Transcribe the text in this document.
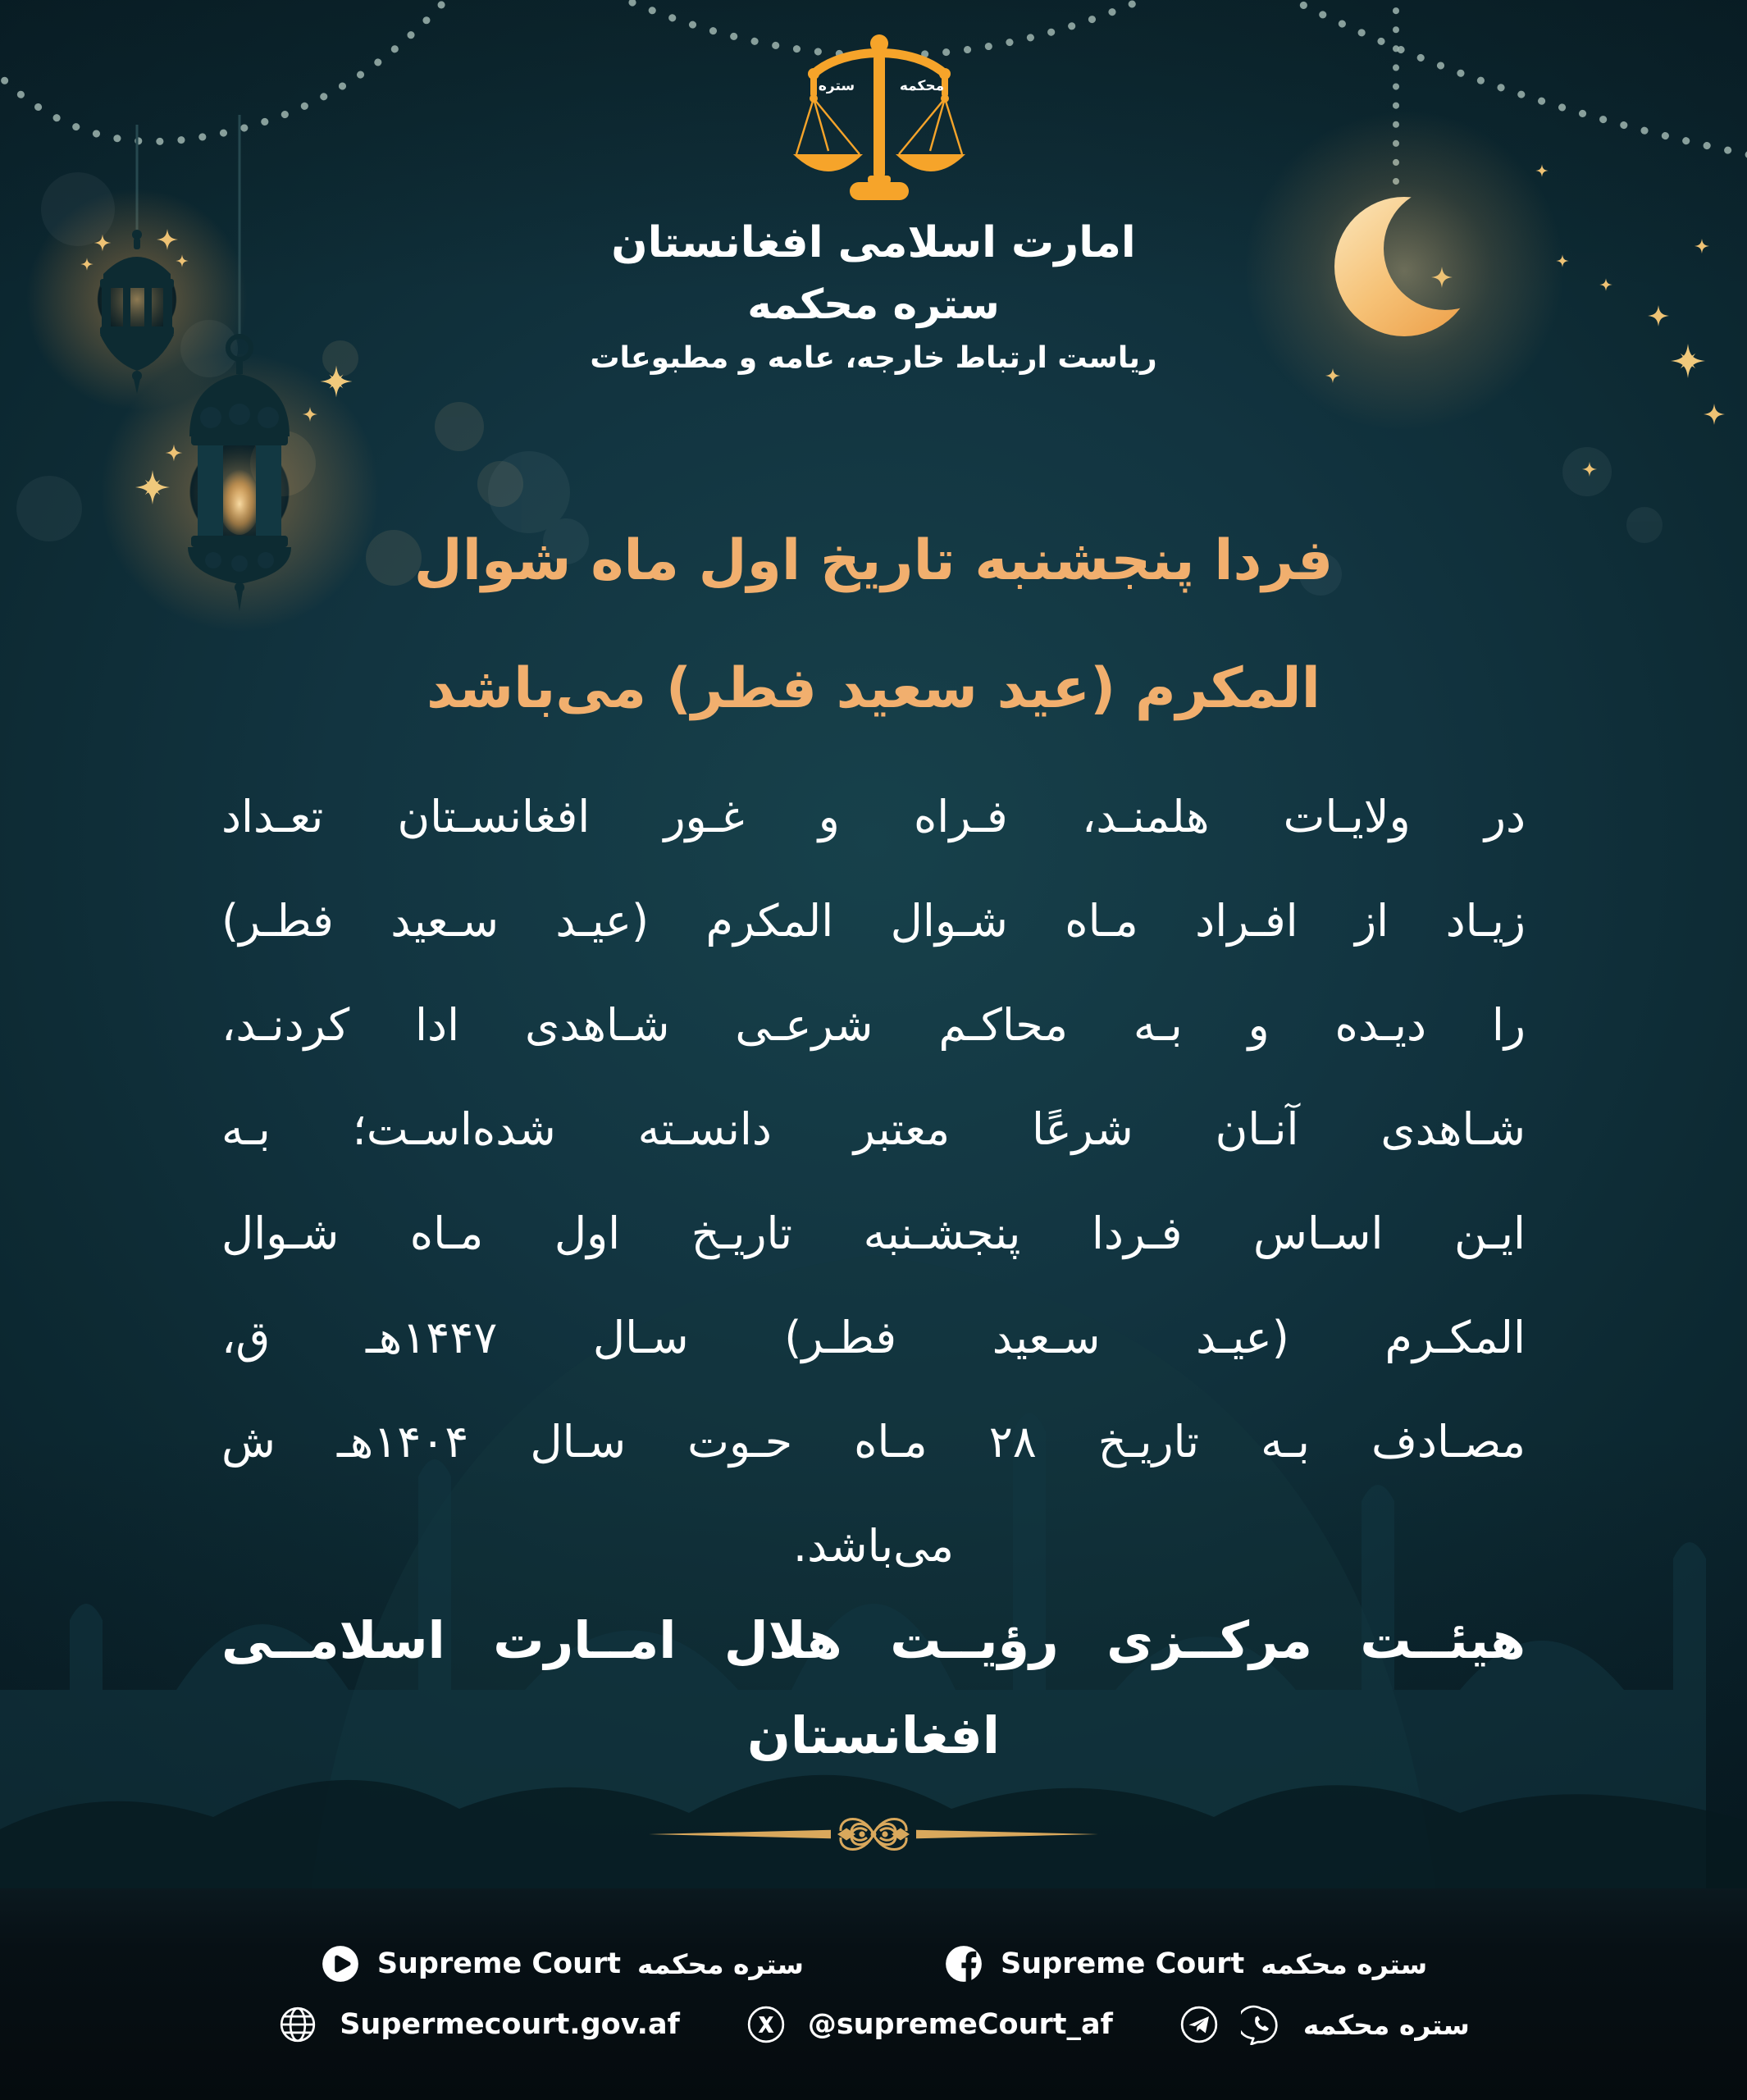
ستره	محکمه
امارت اسلامی افغانستان
ستره محکمه
ریاست ارتباط خارجه، عامه و مطبوعات
فردا پنجشنبه تاریخ اول ماه شوال
المکرم (عید سعید فطر) می‌باشد
در ولایـات هلمنـد، فـراه و غـور افغانسـتان تعـداد
زیـاد از افـراد مـاه شـوال المکرم (عیـد سـعید فطـر)
را دیـده و بـه محاکـم شرعـی شـاهدی ادا کردنـد،
شـاهدی آنـان شرعًا معتبر دانسـته شده‌اسـت؛ بـه
ایـن اسـاس فـردا پنجشـنبه تاریـخ اول مـاه شـوال
المکـرم (عیـد سـعید فطـر) سـال ۱۴۴۷هـ ق،
مصـادف بـه تاریـخ ۲۸ مـاه حـوت سـال ۱۴۰۴هـ ش
می‌باشد.
هیئــت مرکــزی رؤیــت هلال امــارت اسلامــی
افغانستان
Supreme Court ستره محکمه	Supreme Court ستره محکمه
Supermecourt.gov.af	@supremeCourt_af	ستره محکمه
